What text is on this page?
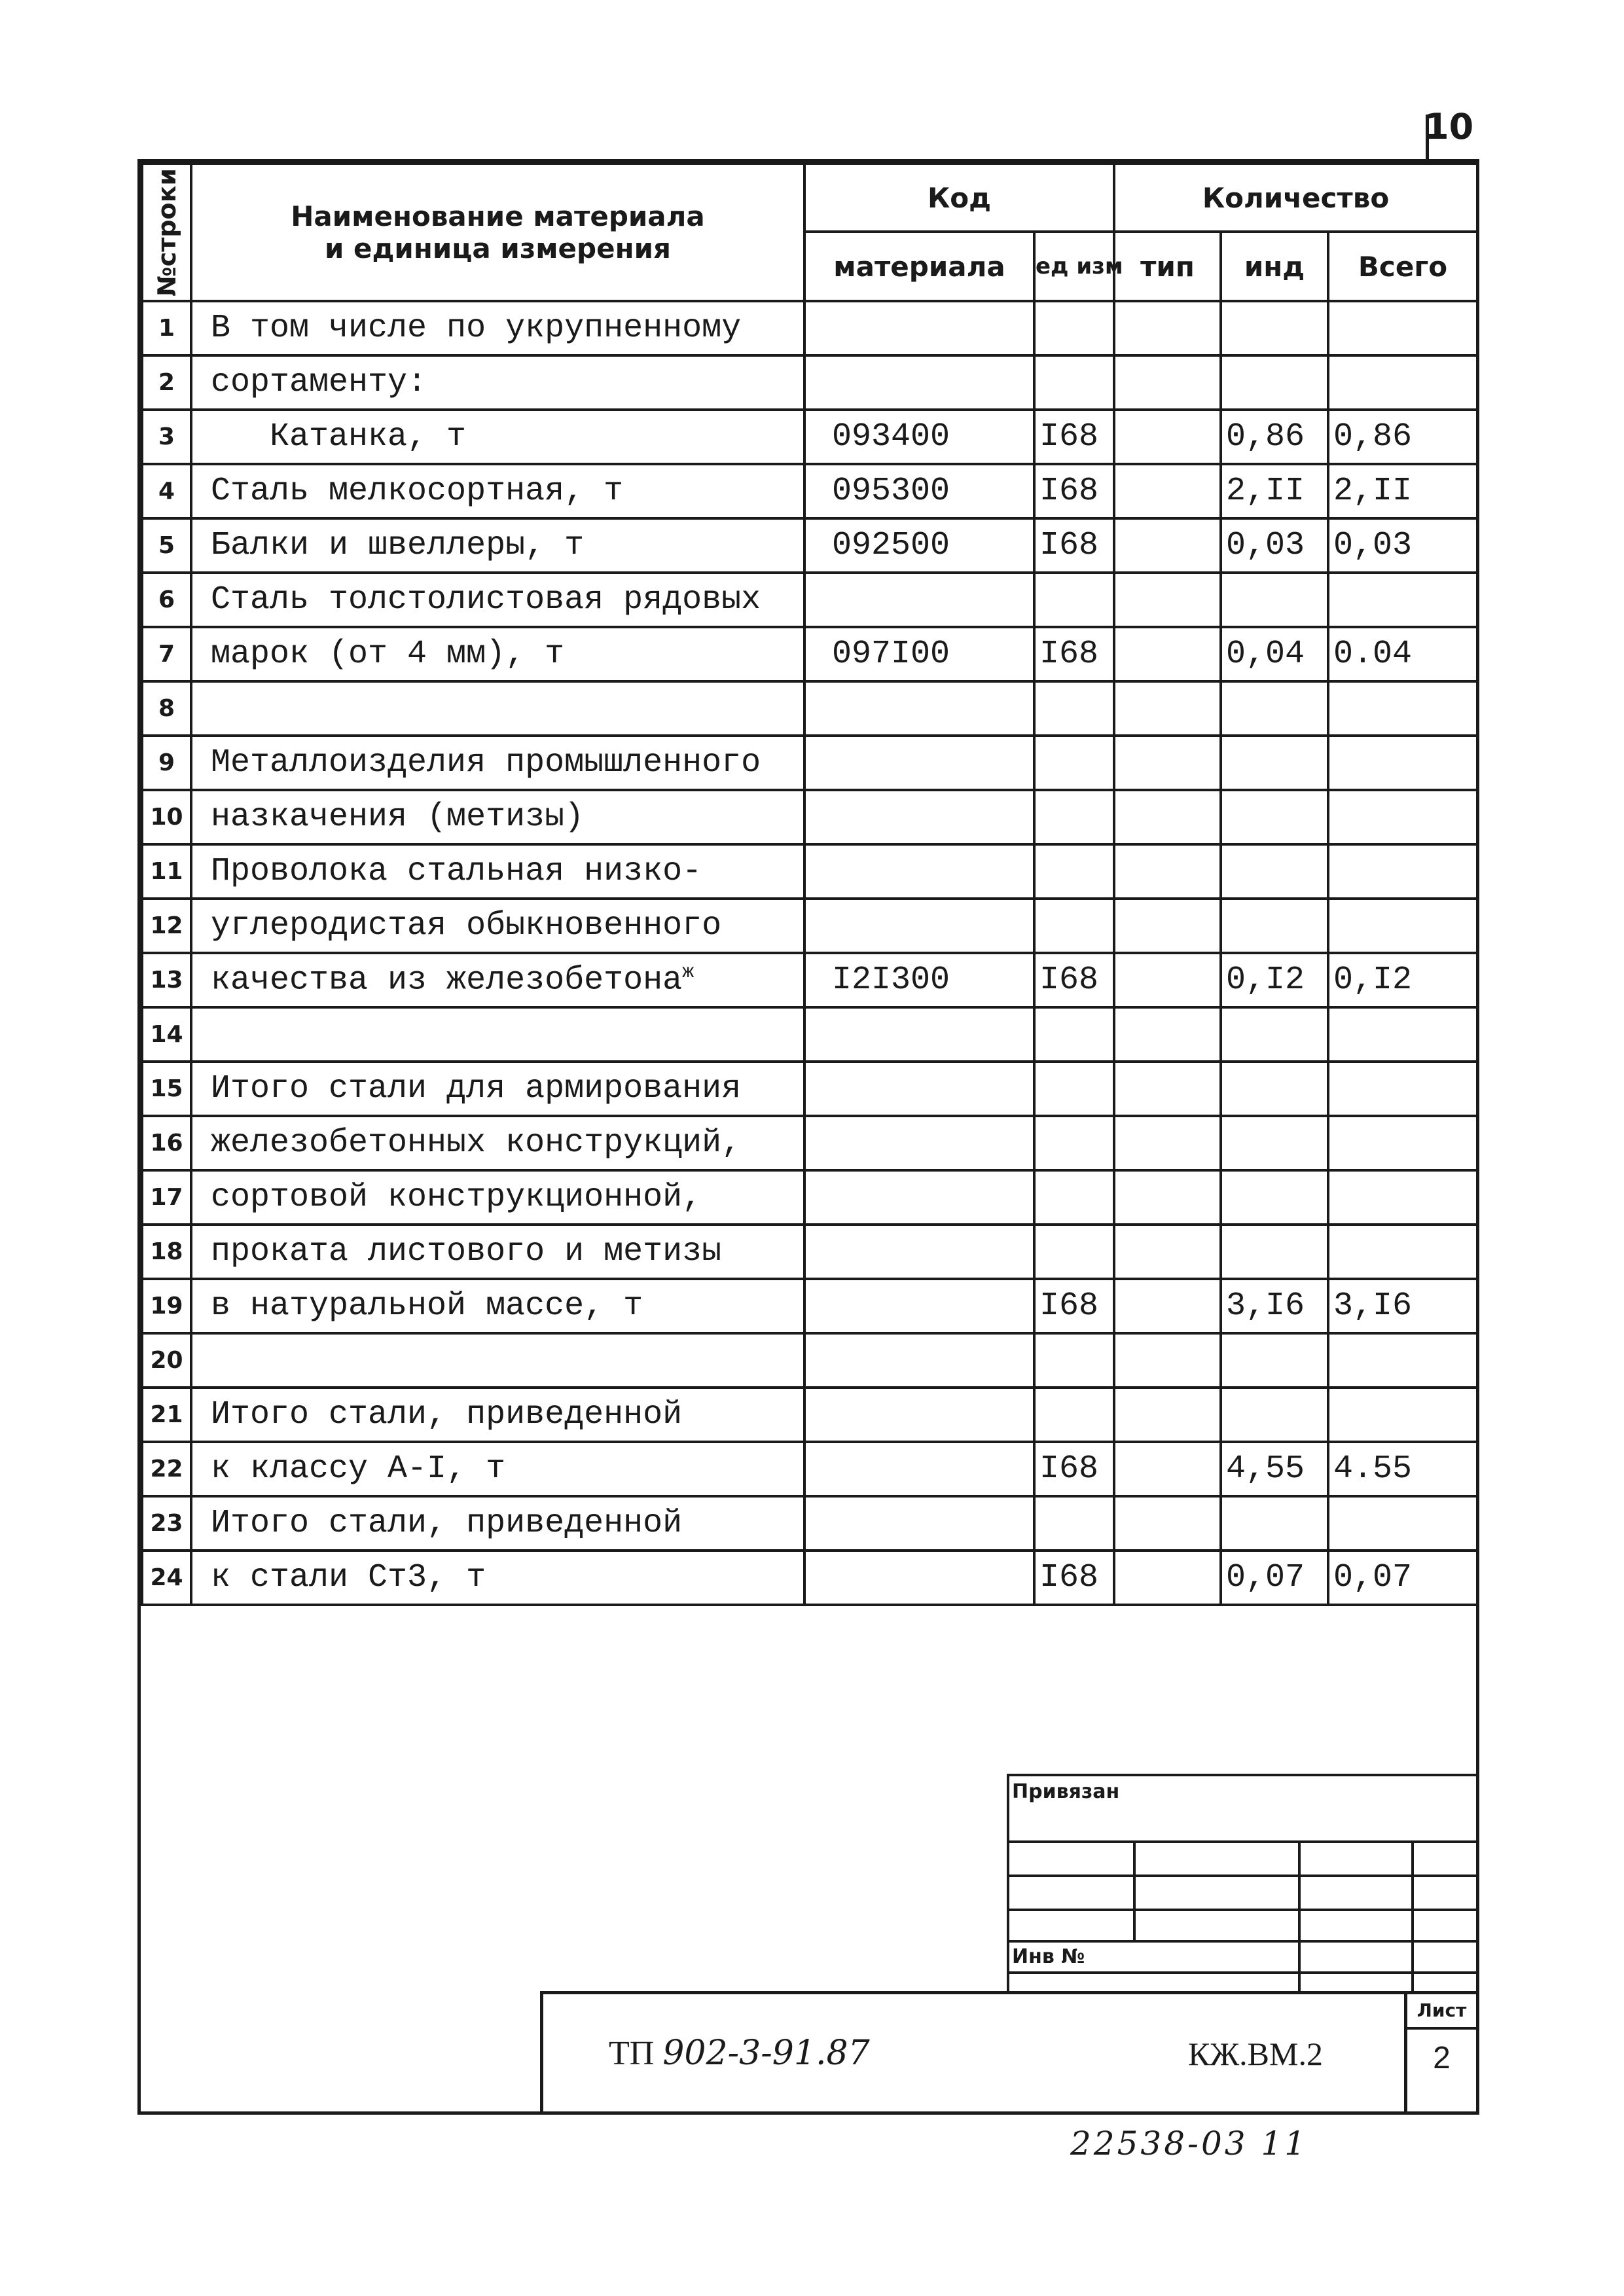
10
№строки	Наименование материала
и единица измерения	Код		Количество		
		материала	ед изм	тип	инд	Всего
1	В том числе по укрупненному					
2	сортаменту:					
3	Катанка, т	093400	I68		0,86	0,86
4	Сталь мелкосортная, т	095300	I68		2,II	2,II
5	Балки и швеллеры, т	092500	I68		0,03	0,03
6	Сталь толстолистовая рядовых					
7	марок (от 4 мм), т	097I00	I68		0,04	0.04
8						
9	Металлоизделия промышленного					
10	назкачения (метизы)					
11	Проволока стальная низко-					
12	углеродистая обыкновенного					
13	качества из железобетона$^ж$	I2I300	I68		0,I2	0,I2
14						
15	Итого стали для армирования					
16	железобетонных конструкций,					
17	сортовой конструкционной,					
18	проката листового и метизы					
19	в натуральной массе, т		I68		3,I6	3,I6
20						
21	Итого стали, приведенной					
22	к классу А-I, т		I68		4,55	4.55
23	Итого стали, приведенной					
24	к стали Ст3, т		I68		0,07	0,07
Привязан
Инв №
ТП 902-3-91.87	КЖ.ВМ.2
Лист
2
22538-03 11
